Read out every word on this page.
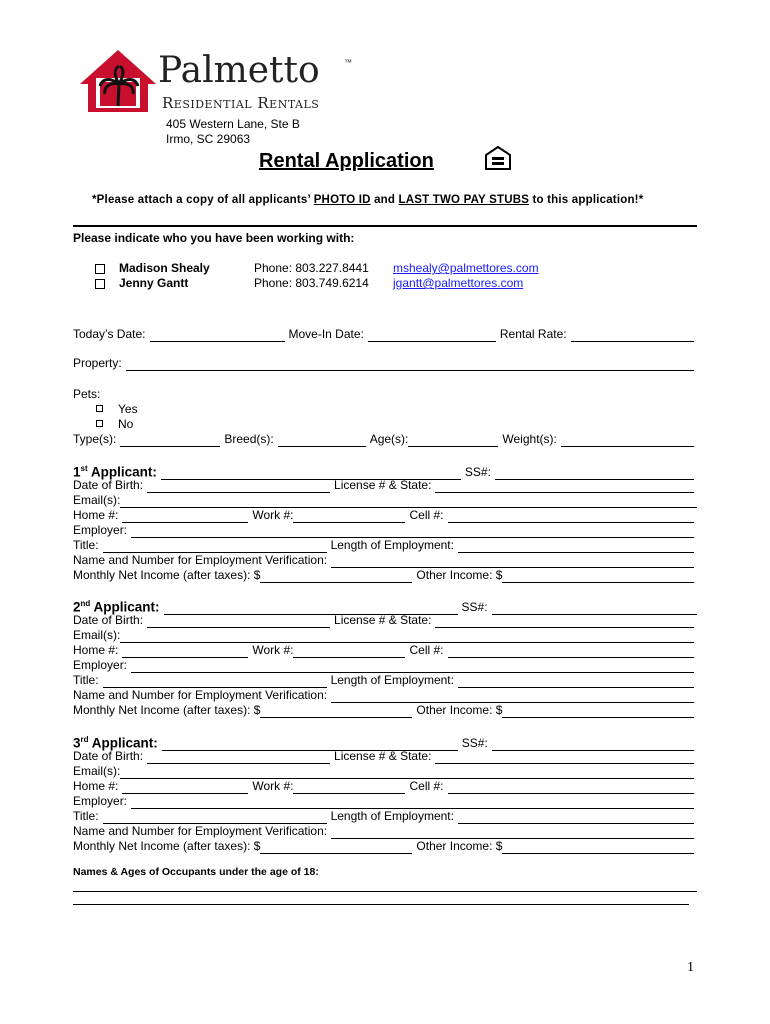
Palmetto	™
Residential Rentals
405 Western Lane, Ste B
Irmo, SC 29063
Rental Application
*Please attach a copy of all applicants’ PHOTO ID and LAST TWO PAY STUBS to this application!*
Please indicate who you have been working with:
Madison Shealy	Phone: 803.227.8441 mshealy@palmettores.com
Jenny Gantt	Phone: 803.749.6214 jgantt@palmettores.com
Today’s Date:	Move-In Date:	Rental Rate:
Property:
Pets:
Yes
No
Type(s):	Breed(s):	Age(s):	Weight(s):
1st Applicant:	SS#:
Date of Birth:	License # & State:
Email(s):
Home #:	Work #:	Cell #:
Employer:
Title:	Length of Employment:
Name and Number for Employment Verification:
Monthly Net Income (after taxes): $	Other Income: $
2nd Applicant:	SS#:
Date of Birth:	License # & State:
Email(s):
Home #:	Work #:	Cell #:
Employer:
Title:	Length of Employment:
Name and Number for Employment Verification:
Monthly Net Income (after taxes): $	Other Income: $
3rd Applicant:	SS#:
Date of Birth:	License # & State:
Email(s):
Home #:	Work #:	Cell #:
Employer:
Title:	Length of Employment:
Name and Number for Employment Verification:
Monthly Net Income (after taxes): $	Other Income: $
Names & Ages of Occupants under the age of 18:
1
